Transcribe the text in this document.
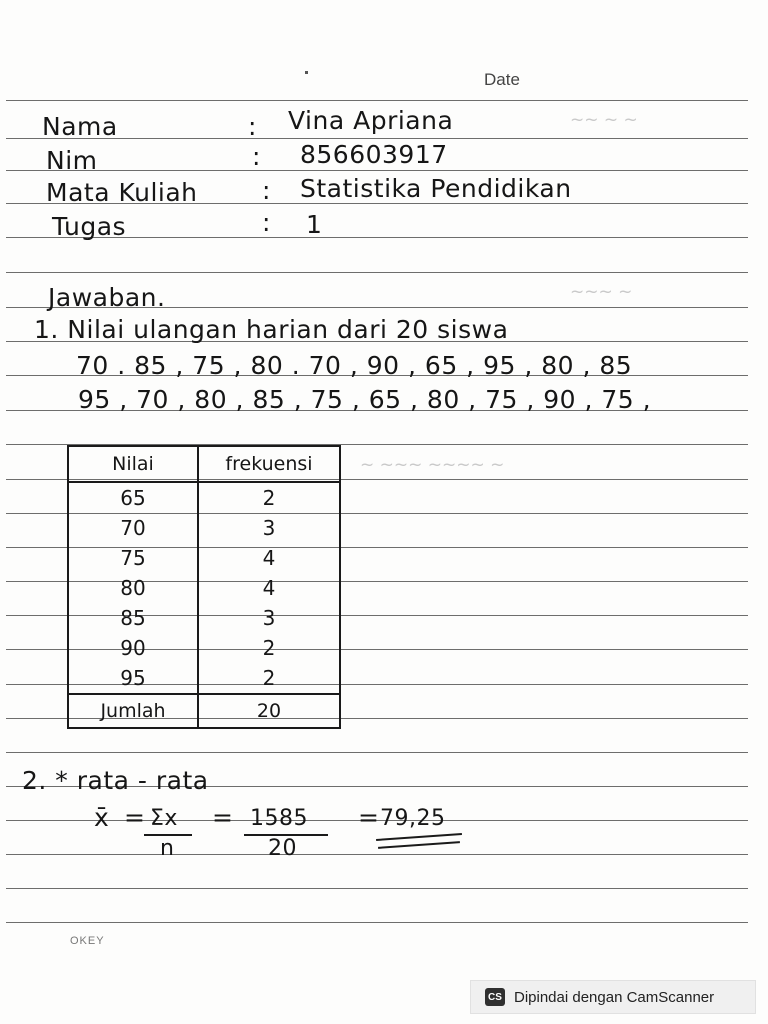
Date
~~ ~ ~
~~~ ~
~ ~~~ ~~~~ ~
Nama	: Vina Apriana
Nim	: 856603917
Mata Kuliah	: Statistika Pendidikan
Tugas	: 1
Jawaban.
1. Nilai ulangan harian dari 20 siswa
70 . 85 , 75 , 80 . 70 , 90 , 65 , 95 , 80 , 85
95 , 70 , 80 , 85 , 75 , 65 , 80 , 75 , 90 , 75 ,
Nilai	frekuensi
65	2
70	3
75	4
80	4
85	3
90	2
95	2
Jumlah	20
2. * rata - rata
x̄ = Σx
n
= 1585
20
= 79,25
OKEY
CS Dipindai dengan CamScanner
